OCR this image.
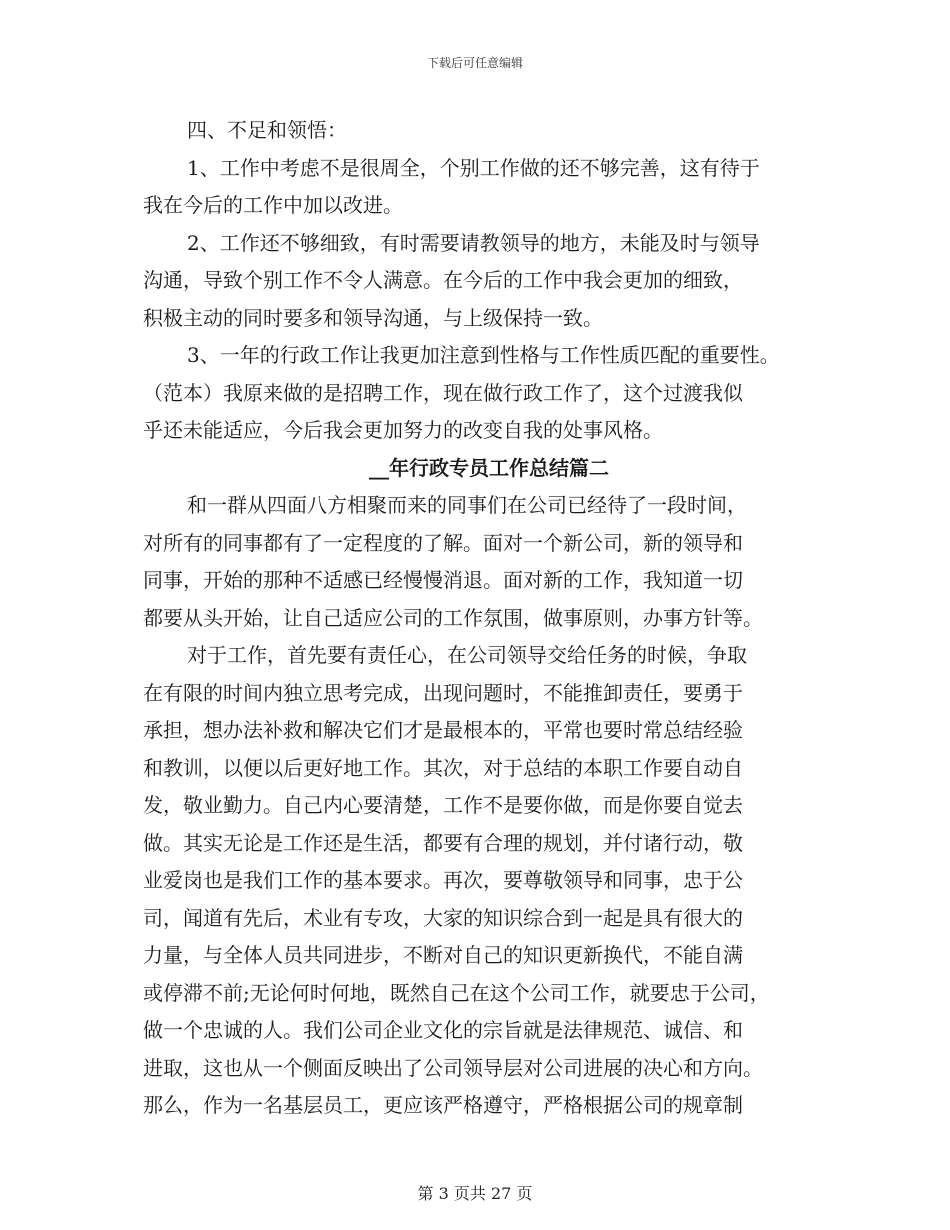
下载后可任意编辑
四、不足和领悟：
1、工作中考虑不是很周全，个别工作做的还不够完善，这有待于
我在今后的工作中加以改进。
2、工作还不够细致，有时需要请教领导的地方，未能及时与领导
沟通，导致个别工作不令人满意。在今后的工作中我会更加的细致，
积极主动的同时要多和领导沟通，与上级保持一致。
3、一年的行政工作让我更加注意到性格与工作性质匹配的重要性。
（范本）我原来做的是招聘工作，现在做行政工作了，这个过渡我似
乎还未能适应，今后我会更加努力的改变自我的处事风格。
__年行政专员工作总结篇二
和一群从四面八方相聚而来的同事们在公司已经待了一段时间，
对所有的同事都有了一定程度的了解。面对一个新公司，新的领导和
同事，开始的那种不适感已经慢慢消退。面对新的工作，我知道一切
都要从头开始，让自己适应公司的工作氛围，做事原则，办事方针等。
对于工作，首先要有责任心，在公司领导交给任务的时候，争取
在有限的时间内独立思考完成，出现问题时，不能推卸责任，要勇于
承担，想办法补救和解决它们才是最根本的，平常也要时常总结经验
和教训，以便以后更好地工作。其次，对于总结的本职工作要自动自
发，敬业勤力。自己内心要清楚，工作不是要你做，而是你要自觉去
做。其实无论是工作还是生活，都要有合理的规划，并付诸行动，敬
业爱岗也是我们工作的基本要求。再次，要尊敬领导和同事，忠于公
司，闻道有先后，术业有专攻，大家的知识综合到一起是具有很大的
力量，与全体人员共同进步，不断对自己的知识更新换代，不能自满
或停滞不前;无论何时何地，既然自己在这个公司工作，就要忠于公司，
做一个忠诚的人。我们公司企业文化的宗旨就是法律规范、诚信、和
进取，这也从一个侧面反映出了公司领导层对公司进展的决心和方向。
那么，作为一名基层员工，更应该严格遵守，严格根据公司的规章制
第 3 页共 27 页
